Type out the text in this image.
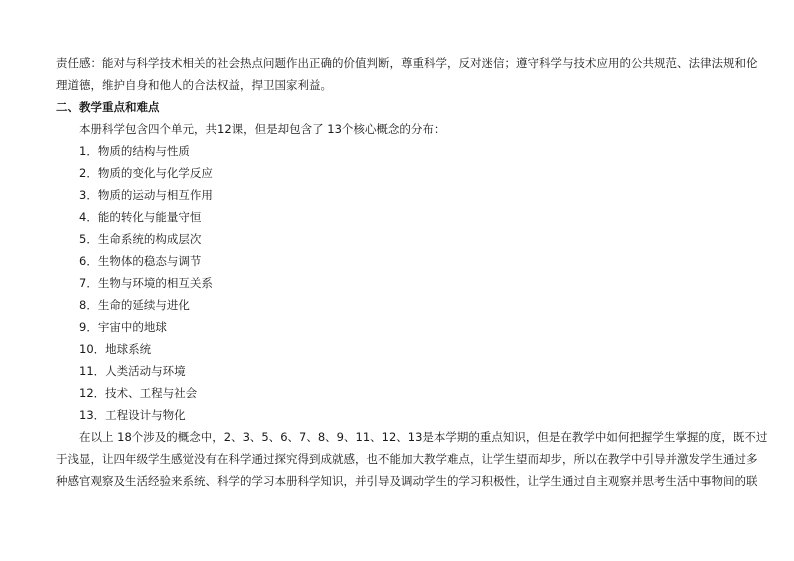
责任感：能对与科学技术相关的社会热点问题作出正确的价值判断，尊重科学，反对迷信；遵守科学与技术应用的公共规范、法律法规和伦
理道德，维护自身和他人的合法权益，捍卫国家利益。

二、教学重点和难点

本册科学包含四个单元，共12课，但是却包含了 13个核心概念的分布：

1．物质的结构与性质
2．物质的变化与化学反应
3．物质的运动与相互作用
4．能的转化与能量守恒
5．生命系统的构成层次
6．生物体的稳态与调节
7．生物与环境的相互关系
8．生命的延续与进化
9．宇宙中的地球
10．地球系统
11．人类活动与环境
12．技术、工程与社会
13．工程设计与物化

在以上 18个涉及的概念中，2、3、5、6、7、8、9、11、12、13是本学期的重点知识，但是在教学中如何把握学生掌握的度，既不过
于浅显，让四年级学生感觉没有在科学通过探究得到成就感，也不能加大教学难点，让学生望而却步，所以在教学中引导并激发学生通过多
种感官观察及生活经验来系统、科学的学习本册科学知识，并引导及调动学生的学习积极性，让学生通过自主观察并思考生活中事物间的联
